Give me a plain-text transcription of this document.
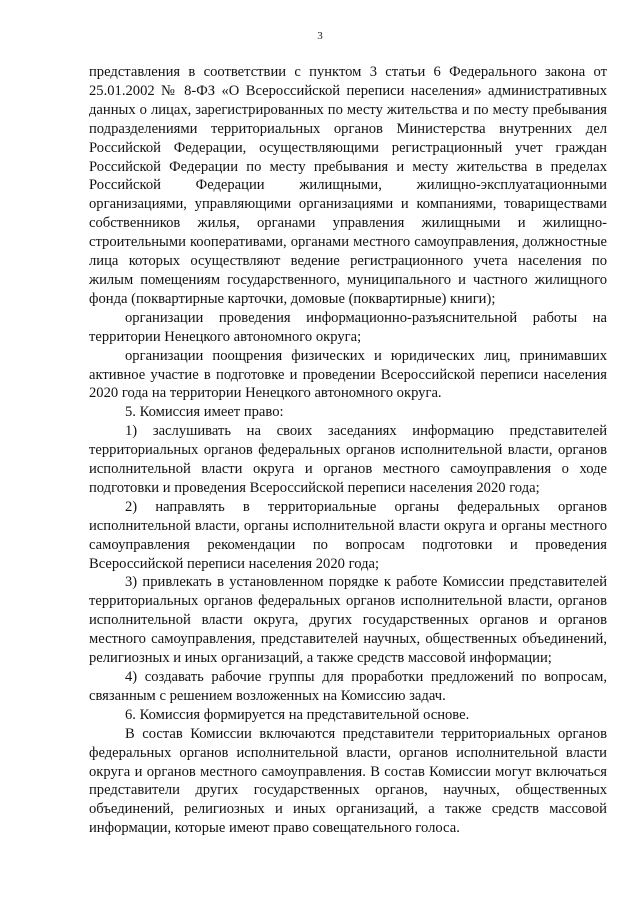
3

представления в соответствии с пунктом 3 статьи 6 Федерального закона от 25.01.2002 № 8-ФЗ «О Всероссийской переписи населения» административных данных о лицах, зарегистрированных по месту жительства и по месту пребывания подразделениями территориальных органов Министерства внутренних дел Российской Федерации, осуществляющими регистрационный учет граждан Российской Федерации по месту пребывания и месту жительства в пределах Российской Федерации жилищными, жилищно-эксплуатационными организациями, управляющими организациями и компаниями, товариществами собственников жилья, органами управления жилищными и жилищно-строительными кооперативами, органами местного самоуправления, должностные лица которых осуществляют ведение регистрационного учета населения по жилым помещениям государственного, муниципального и частного жилищного фонда (поквартирные карточки, домовые (поквартирные) книги);

организации проведения информационно-разъяснительной работы на территории Ненецкого автономного округа;

организации поощрения физических и юридических лиц, принимавших активное участие в подготовке и проведении Всероссийской переписи населения 2020 года на территории Ненецкого автономного округа.

5. Комиссия имеет право:

1) заслушивать на своих заседаниях информацию представителей территориальных органов федеральных органов исполнительной власти, органов исполнительной власти округа и органов местного самоуправления о ходе подготовки и проведения Всероссийской переписи населения 2020 года;

2) направлять в территориальные органы федеральных органов исполнительной власти, органы исполнительной власти округа и органы местного самоуправления рекомендации по вопросам подготовки и проведения Всероссийской переписи населения 2020 года;

3) привлекать в установленном порядке к работе Комиссии представителей территориальных органов федеральных органов исполнительной власти, органов исполнительной власти округа, других государственных органов и органов местного самоуправления, представителей научных, общественных объединений, религиозных и иных организаций, а также средств массовой информации;

4) создавать рабочие группы для проработки предложений по вопросам, связанным с решением возложенных на Комиссию задач.

6. Комиссия формируется на представительной основе.

В состав Комиссии включаются представители территориальных органов федеральных органов исполнительной власти, органов исполнительной власти округа и органов местного самоуправления. В состав Комиссии могут включаться представители других государственных органов, научных, общественных объединений, религиозных и иных организаций, а также средств массовой информации, которые имеют право совещательного голоса.
